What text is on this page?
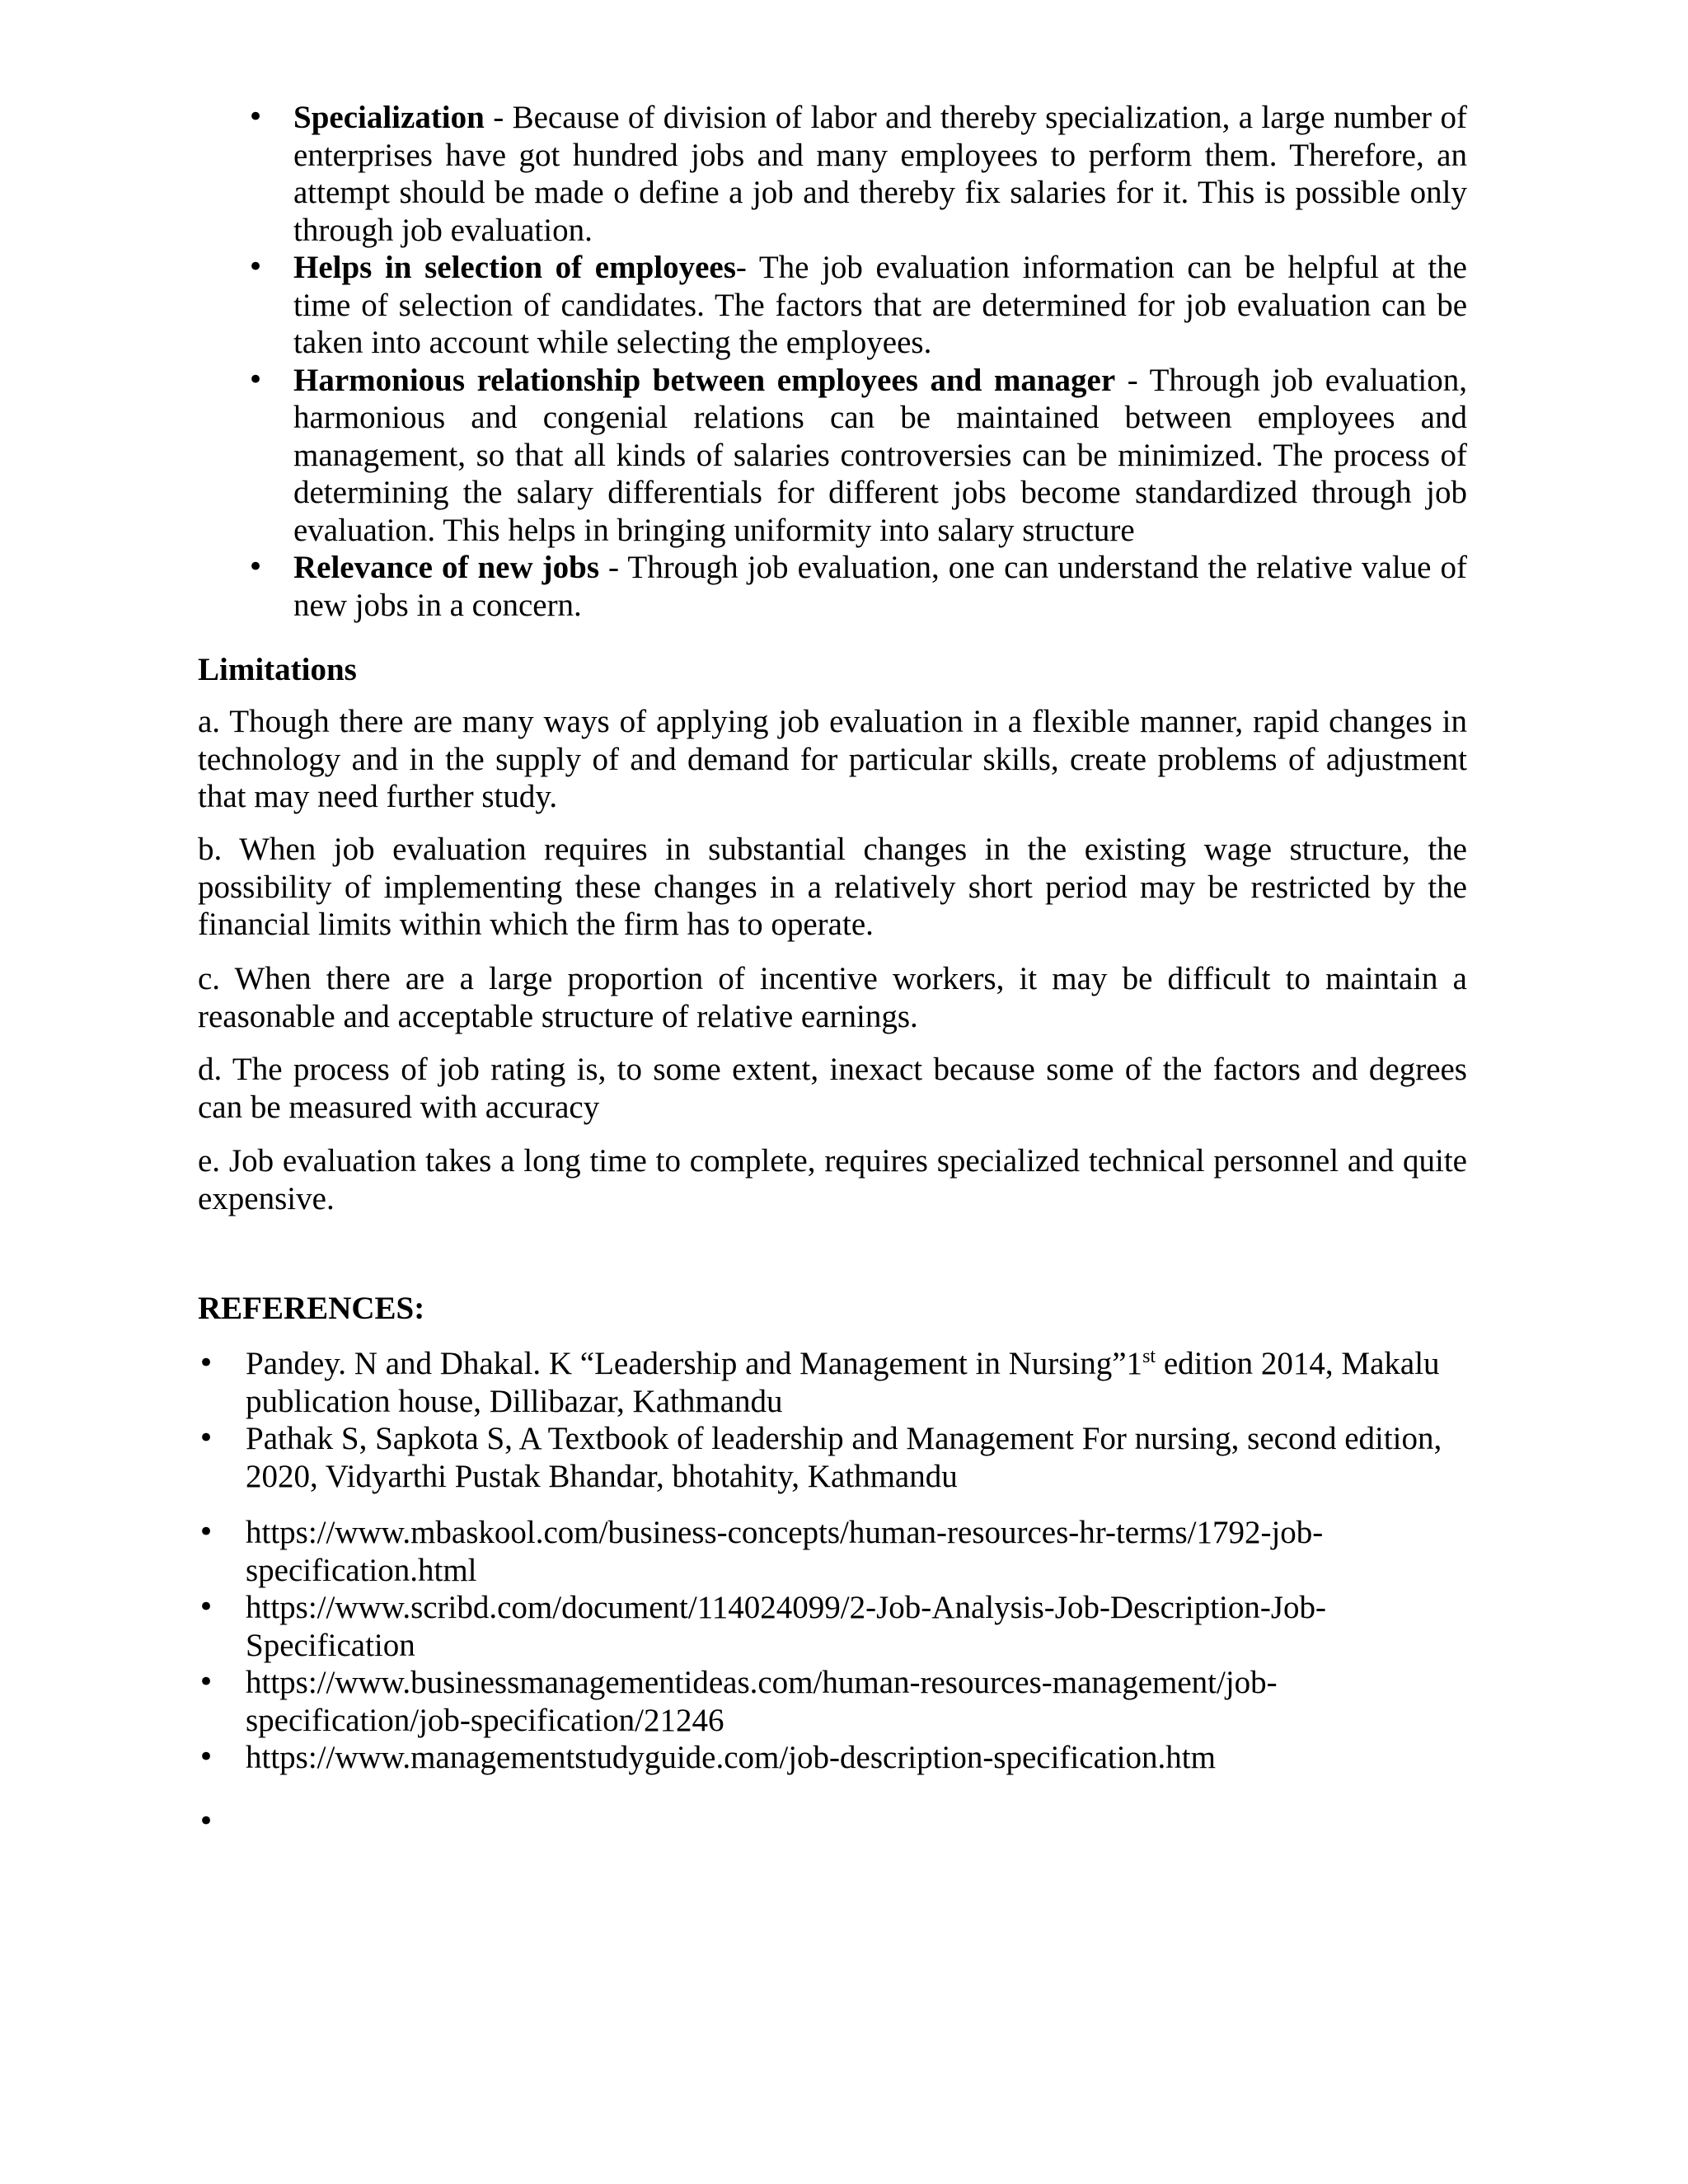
• Specialization - Because of division of labor and thereby specialization, a large number of enterprises have got hundred jobs and many employees to perform them. Therefore, an attempt should be made o define a job and thereby fix salaries for it. This is possible only through job evaluation.
• Helps in selection of employees- The job evaluation information can be helpful at the time of selection of candidates. The factors that are determined for job evaluation can be taken into account while selecting the employees.
• Harmonious relationship between employees and manager - Through job evaluation, harmonious and congenial relations can be maintained between employees and management, so that all kinds of salaries controversies can be minimized. The process of determining the salary differentials for different jobs become standardized through job evaluation. This helps in bringing uniformity into salary structure
• Relevance of new jobs - Through job evaluation, one can understand the relative value of new jobs in a concern.
Limitations

a. Though there are many ways of applying job evaluation in a flexible manner, rapid changes in technology and in the supply of and demand for particular skills, create problems of adjustment that may need further study.

b. When job evaluation requires in substantial changes in the existing wage structure, the possibility of implementing these changes in a relatively short period may be restricted by the financial limits within which the firm has to operate.

c. When there are a large proportion of incentive workers, it may be difficult to maintain a reasonable and acceptable structure of relative earnings.

d. The process of job rating is, to some extent, inexact because some of the factors and degrees can be measured with accuracy

e. Job evaluation takes a long time to complete, requires specialized technical personnel and quite expensive.

REFERENCES:
• Pandey. N and Dhakal. K “Leadership and Management in Nursing”1st edition 2014, Makalu publication house, Dillibazar, Kathmandu
• Pathak S, Sapkota S, A Textbook of leadership and Management For nursing, second edition, 2020, Vidyarthi Pustak Bhandar, bhotahity, Kathmandu
• https://www.mbaskool.com/business-concepts/human-resources-hr-terms/1792-job-specification.html
• https://www.scribd.com/document/114024099/2-Job-Analysis-Job-Description-Job-Specification
• https://www.businessmanagementideas.com/human-resources-management/job-specification/job-specification/21246
• https://www.managementstudyguide.com/job-description-specification.htm
•
